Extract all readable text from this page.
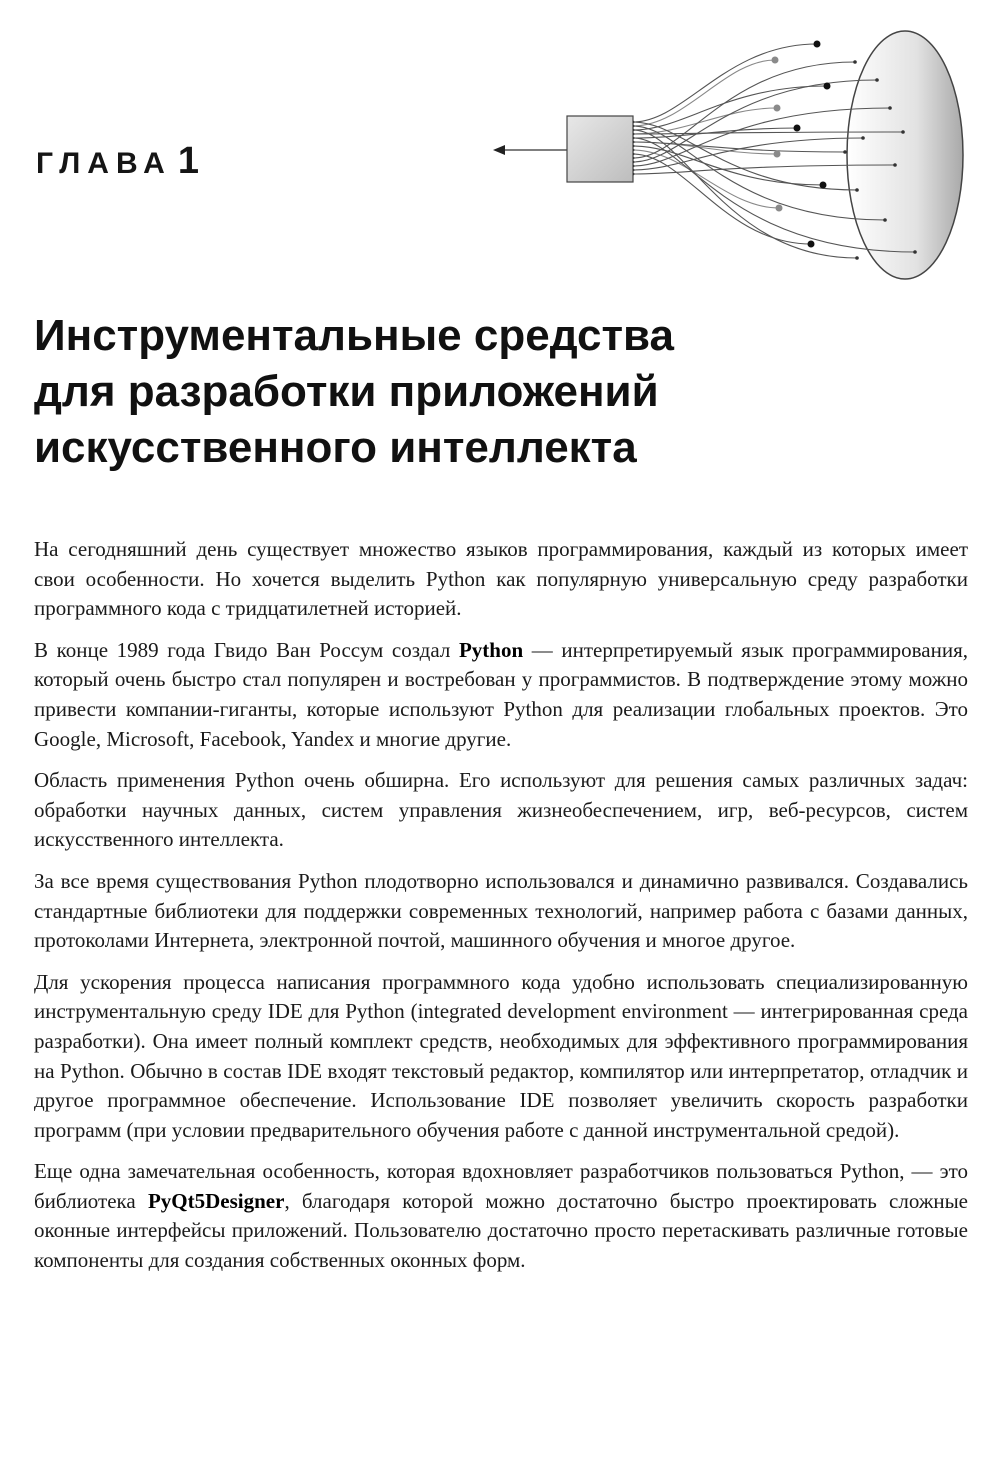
ГЛАВА 1
Инструментальные средства
для разработки приложений
искусственного интеллекта

На сегодняшний день существует множество языков программирования, каждый из которых имеет свои особенности. Но хочется выделить Python как популярную универсальную среду разработки программного кода с тридцатилетней историей.

В конце 1989 года Гвидо Ван Россум создал Python — интерпретируемый язык программирования, который очень быстро стал популярен и востребован у программистов. В подтверждение этому можно привести компании-гиганты, которые используют Python для реализации глобальных проектов. Это Google, Microsoft, Facebook, Yandex и многие другие.

Область применения Python очень обширна. Его используют для решения самых различных задач: обработки научных данных, систем управления жизнеобеспечением, игр, веб-ресурсов, систем искусственного интеллекта.

За все время существования Python плодотворно использовался и динамично развивался. Создавались стандартные библиотеки для поддержки современных технологий, например работа с базами данных, протоколами Интернета, электронной почтой, машинного обучения и многое другое.

Для ускорения процесса написания программного кода удобно использовать специализированную инструментальную среду IDE для Python (integrated development environment — интегрированная среда разработки). Она имеет полный комплект средств, необходимых для эффективного программирования на Python. Обычно в состав IDE входят текстовый редактор, компилятор или интерпретатор, отладчик и другое программное обеспечение. Использование IDE позволяет увеличить скорость разработки программ (при условии предварительного обучения работе с данной инструментальной средой).

Еще одна замечательная особенность, которая вдохновляет разработчиков пользоваться Python, — это библиотека PyQt5Designer, благодаря которой можно достаточно быстро проектировать сложные оконные интерфейсы приложений. Пользователю достаточно просто перетаскивать различные готовые компоненты для создания собственных оконных форм.
